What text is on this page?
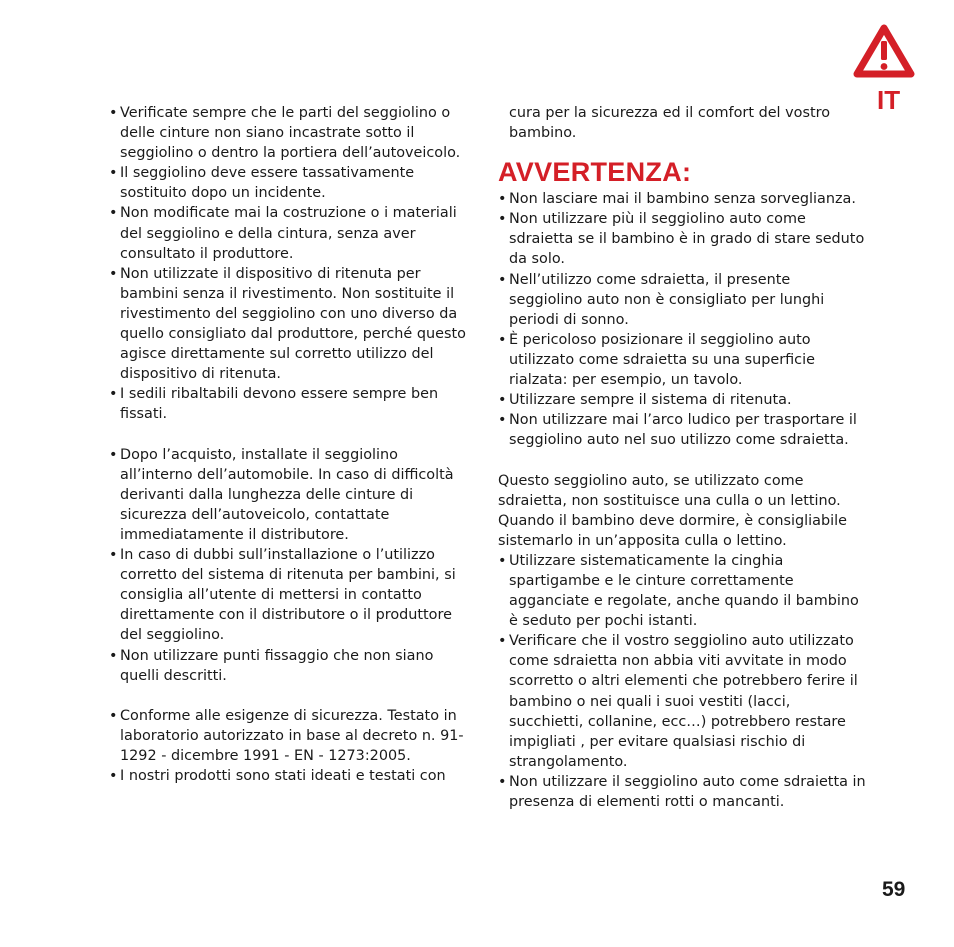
IT
• Verificate sempre che le parti del seggiolino o delle cinture non siano incastrate sotto il seggiolino o dentro la portiera dell’autoveicolo.
• Il seggiolino deve essere tassativamente sostituito dopo un incidente.
• Non modificate mai la costruzione o i materiali del seggiolino e della cintura, senza aver consultato il produttore.
• Non utilizzate il dispositivo di ritenuta per bambini senza il rivestimento. Non sostituite il rivestimento del seggiolino con uno diverso da quello consigliato dal produttore, perché questo agisce direttamente sul corretto utilizzo del dispositivo di ritenuta.
• I sedili ribaltabili devono essere sempre ben fissati.
• Dopo l’acquisto, installate il seggiolino all’interno dell’automobile. In caso di difficoltà derivanti dalla lunghezza delle cinture di sicurezza dell’autoveicolo, contattate immediatamente il distributore.
• In caso di dubbi sull’installazione o l’utilizzo corretto del sistema di ritenuta per bambini, si consiglia all’utente di mettersi in contatto direttamente con il distributore o il produttore del seggiolino.
• Non utilizzare punti fissaggio che non siano quelli descritti.
• Conforme alle esigenze di sicurezza. Testato in laboratorio autorizzato in base al decreto n. 91-1292 - dicembre 1991 - EN - 1273:2005.
• I nostri prodotti sono stati ideati e testati con
cura per la sicurezza ed il comfort del vostro bambino.
AVVERTENZA:
• Non lasciare mai il bambino senza sorveglianza.
• Non utilizzare più il seggiolino auto come sdraietta se il bambino è in grado di stare seduto da solo.
• Nell’utilizzo come sdraietta, il presente seggiolino auto non è consigliato per lunghi periodi di sonno.
• È pericoloso posizionare il seggiolino auto utilizzato come sdraietta su una superficie rialzata: per esempio, un tavolo.
• Utilizzare sempre il sistema di ritenuta.
• Non utilizzare mai l’arco ludico per trasportare il seggiolino auto nel suo utilizzo come sdraietta.
Questo seggiolino auto, se utilizzato come sdraietta, non sostituisce una culla o un lettino. Quando il bambino deve dormire, è consigliabile sistemarlo in un’apposita culla o lettino.
• Utilizzare sistematicamente la cinghia spartigambe e le cinture correttamente agganciate e regolate, anche quando il bambino è seduto per pochi istanti.
• Verificare che il vostro seggiolino auto utilizzato come sdraietta non abbia viti avvitate in modo scorretto o altri elementi che potrebbero ferire il bambino o nei quali i suoi vestiti (lacci, succhietti, collanine, ecc…) potrebbero restare impigliati , per evitare qualsiasi rischio di strangolamento.
• Non utilizzare il seggiolino auto come sdraietta in presenza di elementi rotti o mancanti.
59
